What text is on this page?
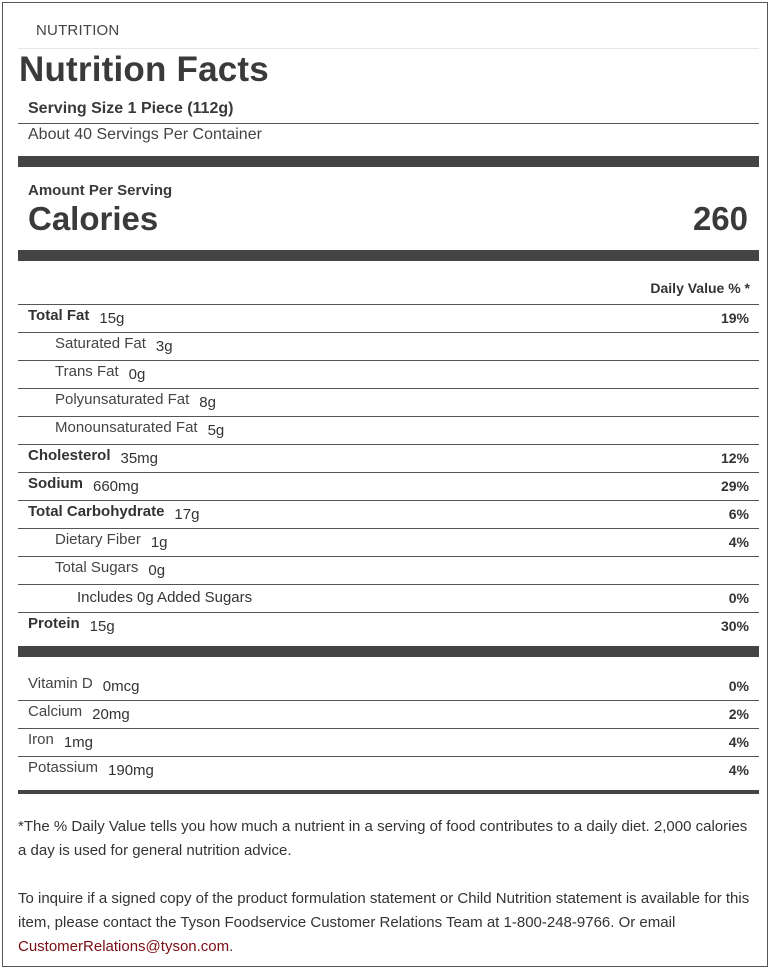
NUTRITION
Nutrition Facts
Serving Size 1 Piece (112g)
About 40 Servings Per Container
Amount Per Serving
Calories	260
Daily Value % *
Total Fat 15g	19%
Saturated Fat 3g
Trans Fat 0g
Polyunsaturated Fat 8g
Monounsaturated Fat 5g
Cholesterol 35mg	12%
Sodium 660mg	29%
Total Carbohydrate 17g	6%
Dietary Fiber 1g	4%
Total Sugars 0g
Includes 0g Added Sugars	0%
Protein 15g	30%
Vitamin D 0mcg	0%
Calcium 20mg	2%
Iron 1mg	4%
Potassium 190mg	4%
*The % Daily Value tells you how much a nutrient in a serving of food contributes to a daily diet. 2,000 calories a day is used for general nutrition advice.
To inquire if a signed copy of the product formulation statement or Child Nutrition statement is available for this item, please contact the Tyson Foodservice Customer Relations Team at 1-800-248-9766. Or email CustomerRelations@tyson.com.
